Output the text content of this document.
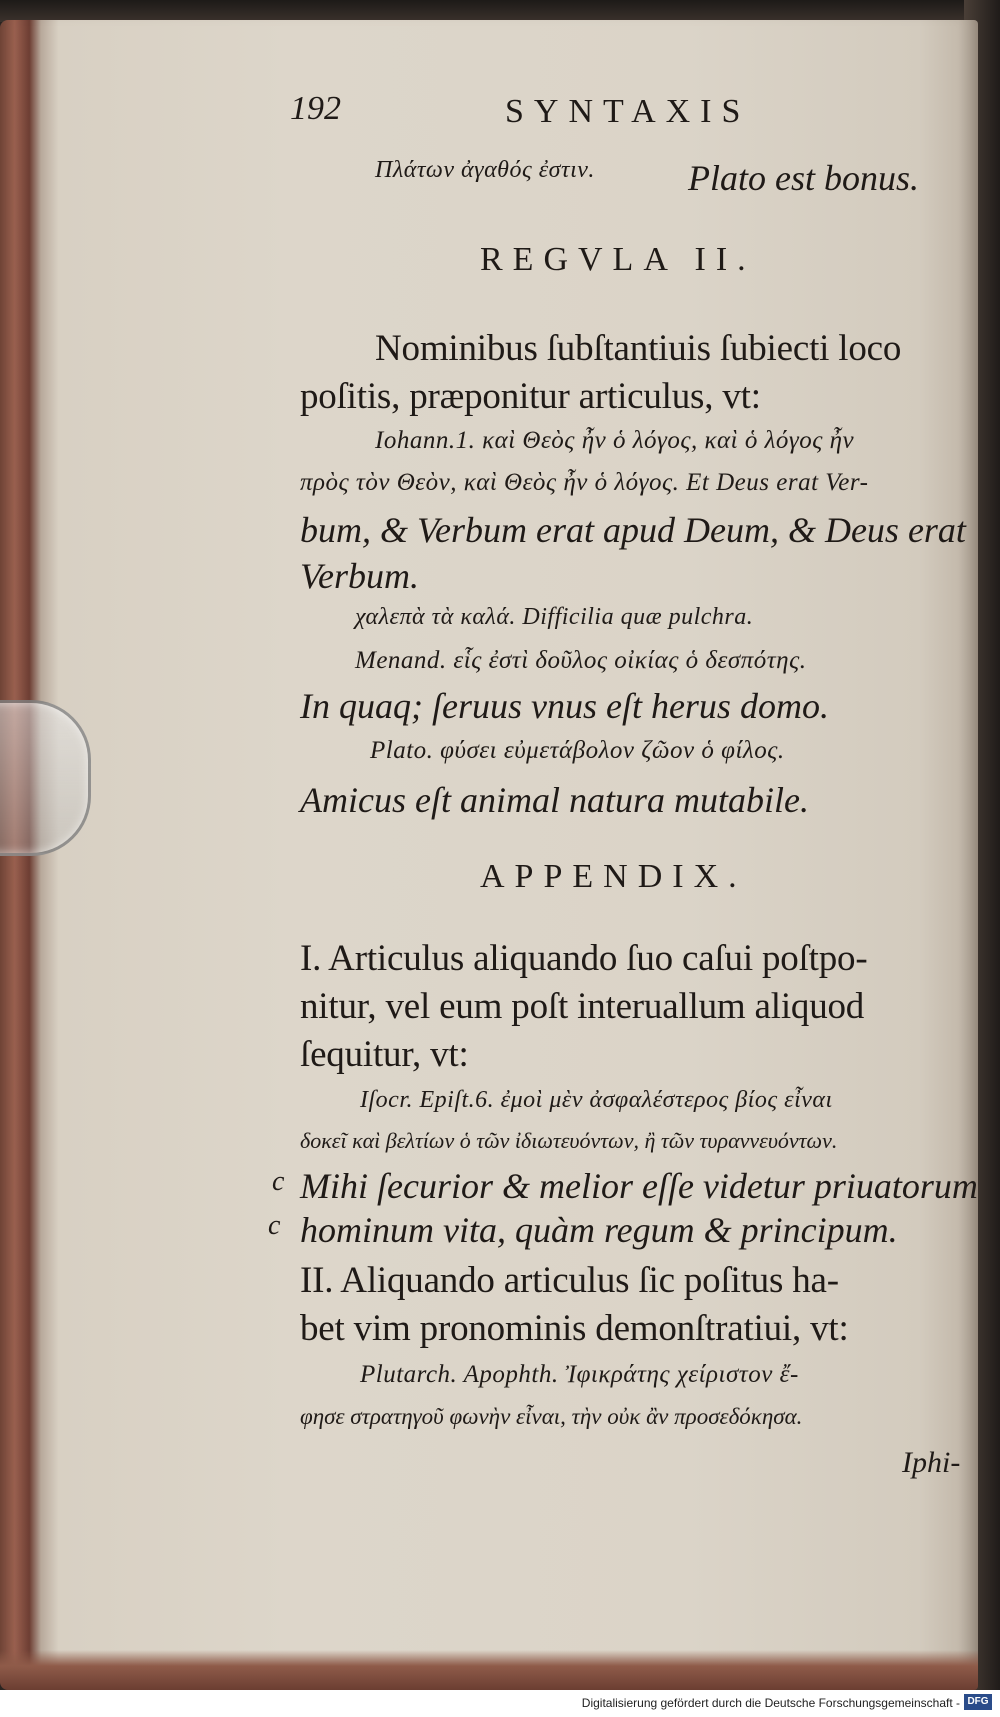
192	SYNTAXIS
Πλάτων ἀγαθός ἐστιν.	Plato est bonus.
REGVLA II.
Nominibus ſubſtantiuis ſubiecti loco
poſitis, præponitur articulus, vt:
Iohann.1. καὶ Θεὸς ἦν ὁ λόγος, καὶ ὁ λόγος ἦν
πρὸς τὸν Θεὸν, καὶ Θεὸς ἦν ὁ λόγος. Et Deus erat Ver-
bum, & Verbum erat apud Deum, & Deus erat
Verbum.
χαλεπὰ τὰ καλά. Difficilia quæ pulchra.
Menand. εἷς ἐστὶ δοῦλος οἰκίας ὁ δεσπότης.
In quaq; ſeruus vnus eſt herus domo.
Plato. φύσει εὐμετάβολον ζῶον ὁ φίλος.
Amicus eſt animal natura mutabile.
APPENDIX.
I. Articulus aliquando ſuo caſui poſtpo-
nitur, vel eum poſt interuallum aliquod
ſequitur, vt:
Iſocr. Epiſt.6. ἐμοὶ μὲν ἀσφαλέστερος βίος εἶναι
δοκεῖ καὶ βελτίων ὁ τῶν ἰδιωτευόντων, ἢ τῶν τυραννευόντων.
c Mihi ſecurior & melior eſſe videtur priuatorum
c hominum vita, quàm regum & principum.
II. Aliquando articulus ſic poſitus ha-
bet vim pronominis demonſtratiui, vt:
Plutarch. Apophth. Ἰφικράτης χείριστον ἔ-
φησε στρατηγοῦ φωνὴν εἶναι, τὴν οὐκ ἂν προσεδόκησα.
Iphi-
Digitalisierung gefördert durch die Deutsche Forschungsgemeinschaft - DFG
